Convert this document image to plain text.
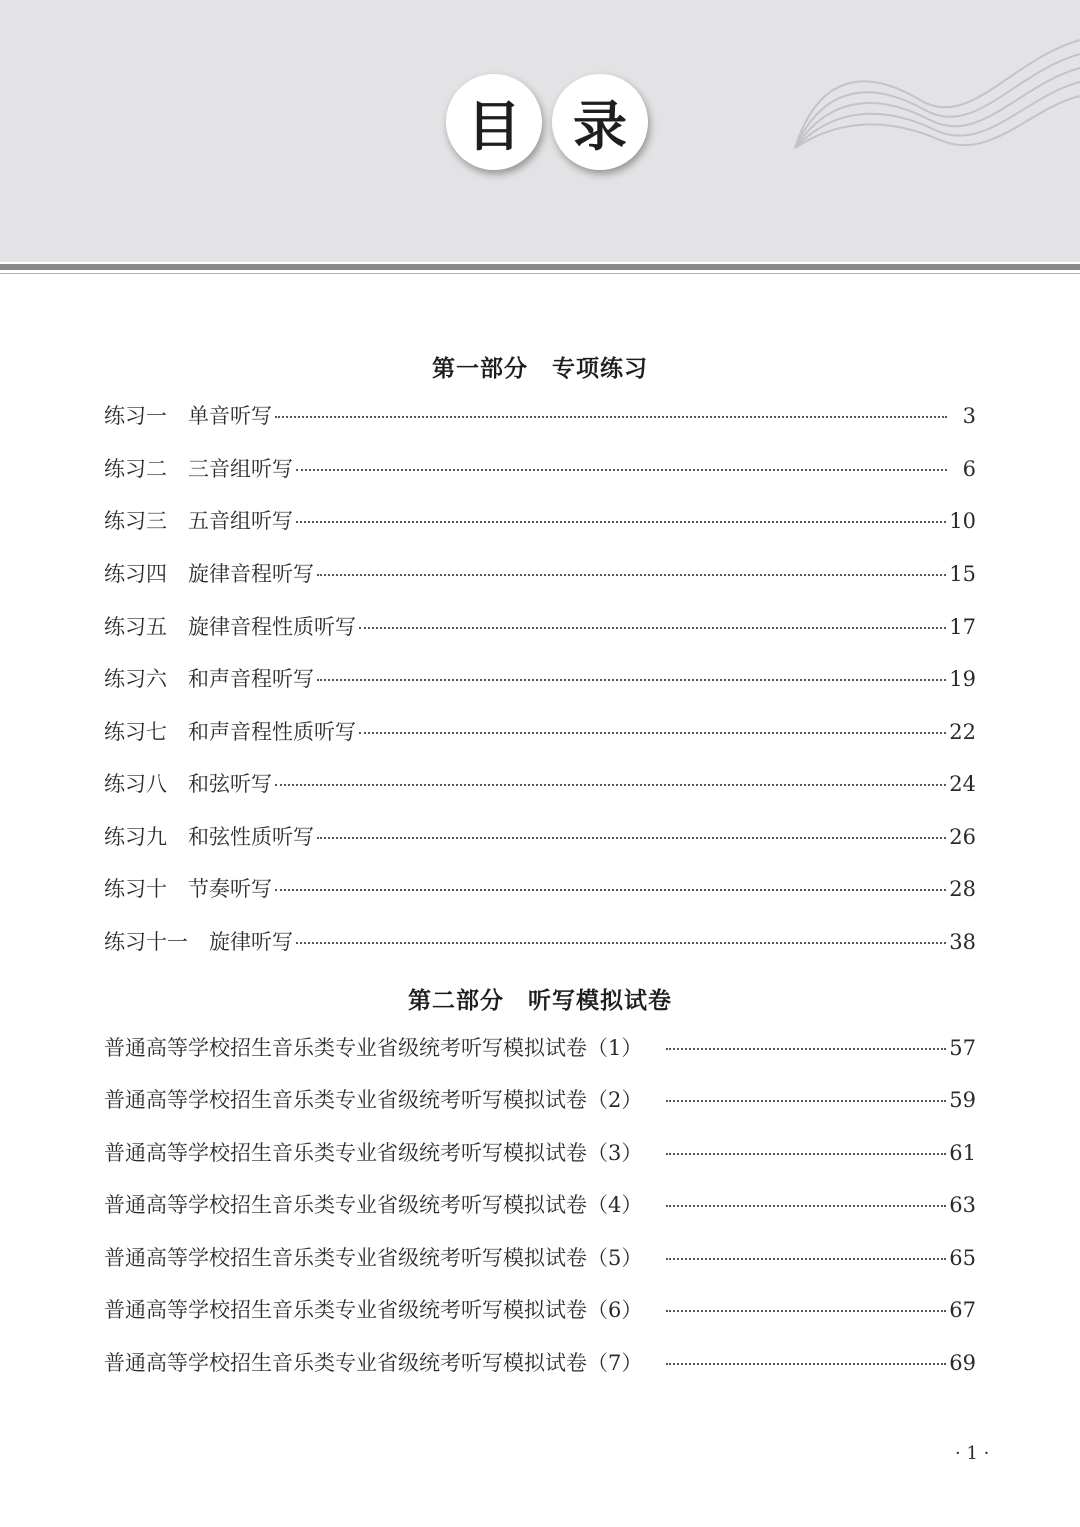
目 录
第一部分　专项练习
练习一　单音听写	3
练习二　三音组听写	6
练习三　五音组听写	10
练习四　旋律音程听写	15
练习五　旋律音程性质听写	17
练习六　和声音程听写	19
练习七　和声音程性质听写	22
练习八　和弦听写	24
练习九　和弦性质听写	26
练习十　节奏听写	28
练习十一　旋律听写	38
第二部分　听写模拟试卷
普通高等学校招生音乐类专业省级统考听写模拟试卷（1）	57
普通高等学校招生音乐类专业省级统考听写模拟试卷（2）	59
普通高等学校招生音乐类专业省级统考听写模拟试卷（3）	61
普通高等学校招生音乐类专业省级统考听写模拟试卷（4）	63
普通高等学校招生音乐类专业省级统考听写模拟试卷（5）	65
普通高等学校招生音乐类专业省级统考听写模拟试卷（6）	67
普通高等学校招生音乐类专业省级统考听写模拟试卷（7）	69
· 1 ·
